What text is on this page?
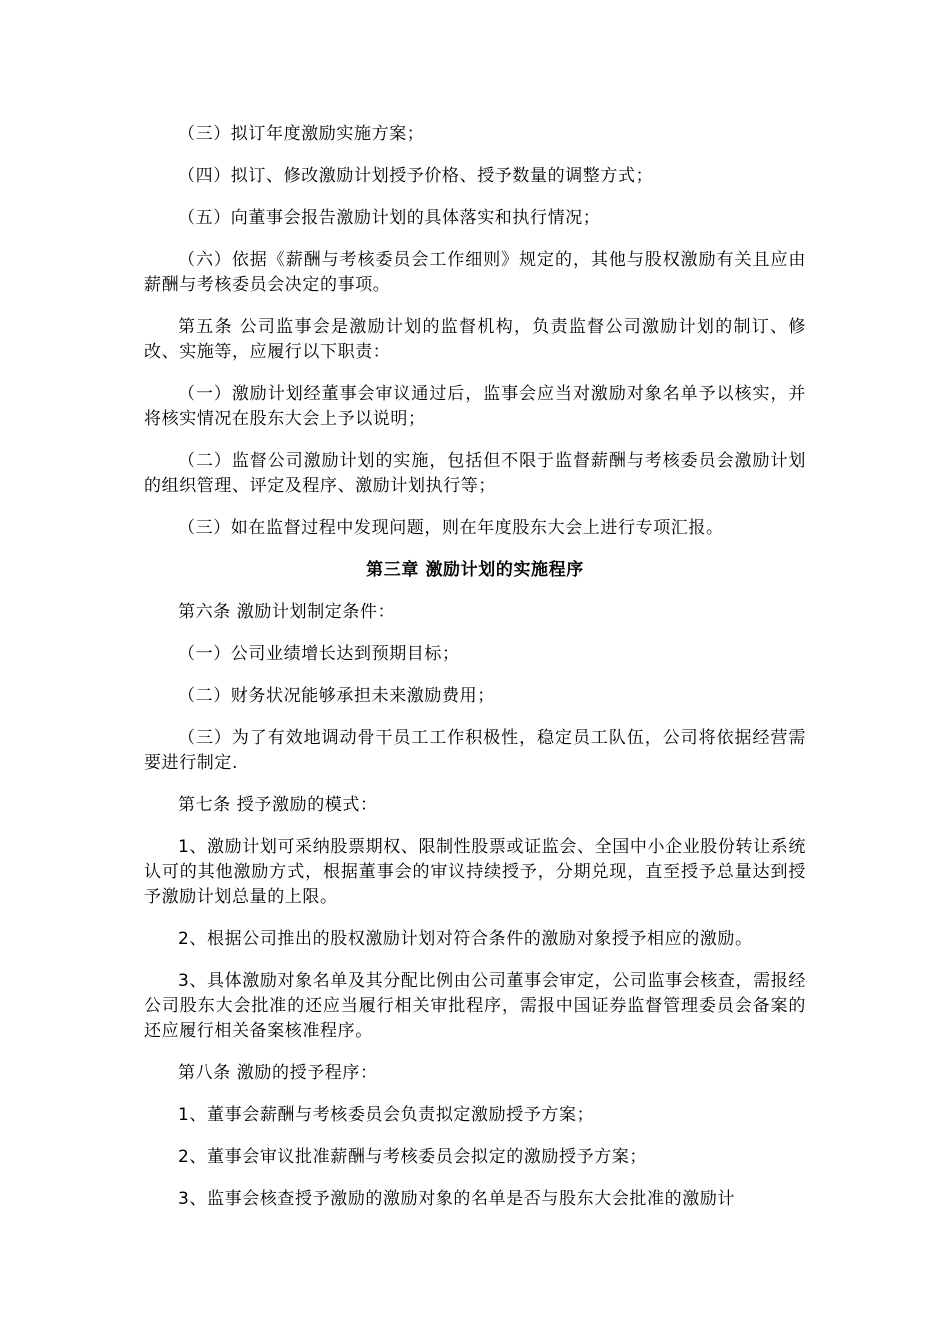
（三）拟订年度激励实施方案；

（四）拟订、修改激励计划授予价格、授予数量的调整方式；

（五）向董事会报告激励计划的具体落实和执行情况；

（六）依据《薪酬与考核委员会工作细则》规定的，其他与股权激励有关且应由薪酬与考核委员会决定的事项。

第五条 公司监事会是激励计划的监督机构，负责监督公司激励计划的制订、修改、实施等，应履行以下职责：

（一）激励计划经董事会审议通过后，监事会应当对激励对象名单予以核实，并将核实情况在股东大会上予以说明；

（二）监督公司激励计划的实施，包括但不限于监督薪酬与考核委员会激励计划的组织管理、评定及程序、激励计划执行等；

（三）如在监督过程中发现问题，则在年度股东大会上进行专项汇报。

第三章 激励计划的实施程序

第六条 激励计划制定条件：

（一）公司业绩增长达到预期目标；

（二）财务状况能够承担未来激励费用；

（三）为了有效地调动骨干员工工作积极性，稳定员工队伍，公司将依据经营需要进行制定.

第七条 授予激励的模式：

1、激励计划可采纳股票期权、限制性股票或证监会、全国中小企业股份转让系统认可的其他激励方式，根据董事会的审议持续授予，分期兑现，直至授予总量达到授予激励计划总量的上限。

2、根据公司推出的股权激励计划对符合条件的激励对象授予相应的激励。

3、具体激励对象名单及其分配比例由公司董事会审定，公司监事会核查，需报经公司股东大会批准的还应当履行相关审批程序，需报中国证券监督管理委员会备案的还应履行相关备案核准程序。

第八条 激励的授予程序：

1、董事会薪酬与考核委员会负责拟定激励授予方案；

2、董事会审议批准薪酬与考核委员会拟定的激励授予方案；

3、监事会核查授予激励的激励对象的名单是否与股东大会批准的激励计
